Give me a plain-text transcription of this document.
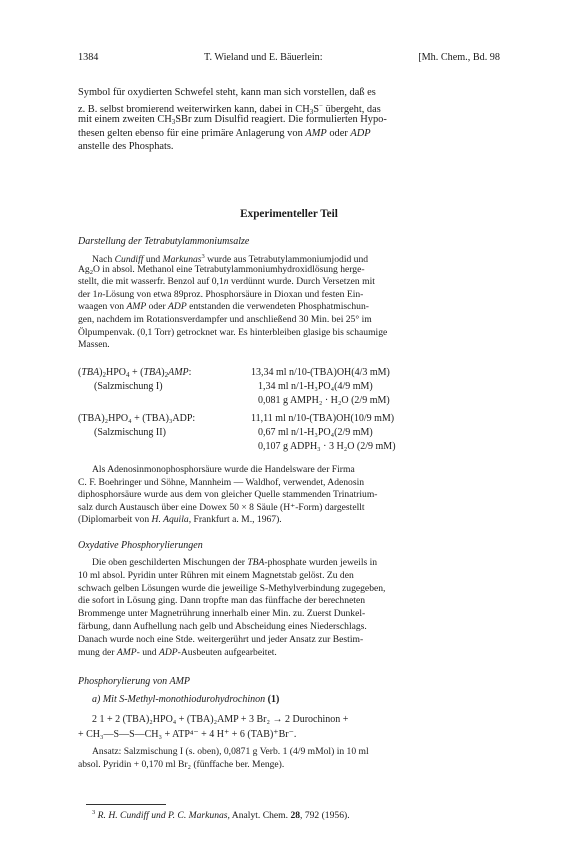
1384	T. Wieland und E. Bäuerlein:	[Mh. Chem., Bd. 98
Symbol für oxydierten Schwefel steht, kann man sich vorstellen, daß es
z. B. selbst bromierend weiterwirken kann, dabei in CH3S− übergeht, das
mit einem zweiten CH3SBr zum Disulfid reagiert. Die formulierten Hypo-
thesen gelten ebenso für eine primäre Anlagerung von AMP oder ADP
anstelle des Phosphats.
Experimenteller Teil
Darstellung der Tetrabutylammoniumsalze
Nach Cundiff und Markunas$^3$ wurde aus Tetrabutylammoniumjodid und
$Ag_2O$ in absol. Methanol eine Tetrabutylammoniumhydroxidlösung herge-
stellt, die mit wasserfr. Benzol auf 0,1n verdünnt wurde. Durch Versetzen mit
der 1n-Lösung von etwa 89proz. Phosphorsäure in Dioxan und festen Ein-
waagen von AMP oder ADP entstanden die verwendeten Phosphatmischun-
gen, nachdem im Rotationsverdampfer und anschließend 30 Min. bei 25° im
Ölpumpenvak. (0,1 Torr) getrocknet war. Es hinterbleiben glasige bis schaumige
Massen.
$(TBA)_2HPO_4 + (TBA)_2AMP$:
(Salzmischung I)
13,34 ml n/10-(TBA)OH(4/3 mM)
1,34 ml n/1-H₃PO₄(4/9 mM)
0,081 g AMPH₂ · H₂O (2/9 mM)
(TBA)₂HPO₄ + (TBA)₃ADP:
(Salzmischung II)
11,11 ml n/10-(TBA)OH(10/9 mM)
0,67 ml n/1-H₃PO₄(2/9 mM)
0,107 g ADPH₃ · 3 H₂O (2/9 mM)
Als Adenosinmonophosphorsäure wurde die Handelsware der Firma
C. F. Boehringer und Söhne, Mannheim — Waldhof, verwendet, Adenosin
diphosphorsäure wurde aus dem von gleicher Quelle stammenden Trinatrium-
salz durch Austausch über eine Dowex 50 × 8 Säule (H⁺-Form) dargestellt
(Diplomarbeit von H. Aquila, Frankfurt a. M., 1967).
Oxydative Phosphorylierungen
Die oben geschilderten Mischungen der TBA-phosphate wurden jeweils in
10 ml absol. Pyridin unter Rühren mit einem Magnetstab gelöst. Zu den
schwach gelben Lösungen wurde die jeweilige S-Methylverbindung zugegeben,
die sofort in Lösung ging. Dann tropfte man das fünffache der berechneten
Brommenge unter Magnetrührung innerhalb einer Min. zu. Zuerst Dunkel-
färbung, dann Aufhellung nach gelb und Abscheidung eines Niederschlags.
Danach wurde noch eine Stde. weitergerührt und jeder Ansatz zur Bestim-
mung der AMP- und ADP-Ausbeuten aufgearbeitet.
Phosphorylierung von AMP
a) Mit S-Methyl-monothiodurohydrochinon (1)
2 1 + 2 (TBA)₂HPO₄ + (TBA)₂AMP + 3 Br₂ → 2 Durochinon +
+ CH₃—S—S—CH₃ + ATP⁴⁻ + 4 H⁺ + 6 (TAB)⁺Br⁻.
Ansatz: Salzmischung I (s. oben), 0,0871 g Verb. 1 (4/9 mMol) in 10 ml
absol. Pyridin + 0,170 ml Br₂ (fünffache ber. Menge).
$^3$ R. H. Cundiff und P. C. Markunas, Analyt. Chem. 28, 792 (1956).
